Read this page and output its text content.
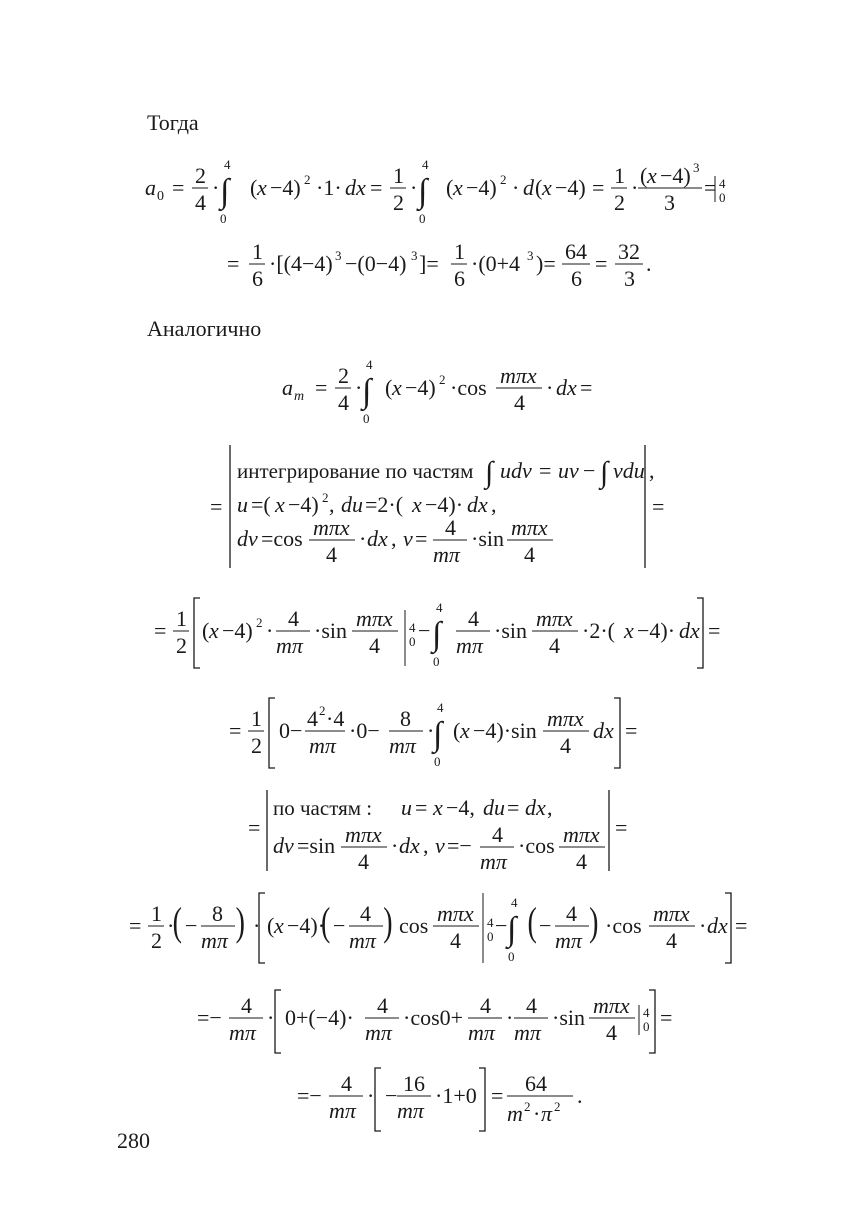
Тогда
Аналогично
a 0 = 2
4
· ∫
4
0
( x −4) 2 ·1· dx = 1
2
· ∫
4
0
( x −4) 2 · d ( x −4) = 1
2
· ( x −4) 3
3
4
0
=
= 1
6
·[(4−4) 3 −(0−4) 3 ]= 1
6
·(0+4 3 )= 64
6
= 32
3
.
a m = 2
4
· ∫
4
0
( x −4) 2 ·cos mπx
4
· dx =
=
интегрирование по частям ∫ udv = uv − ∫ vdu ,
u =( x −4) 2 , du =2·( x −4)· dx ,
dv =cos mπx
4
· dx , v = 4
mπ
·sin mπx
4
=
= 1
2
( x −4) 2 · 4
mπ
·sin mπx
4
4
0 − ∫
4
0
4
mπ
·sin mπx
4
·2·( x −4)· dx =
= 1
2
0− 4 2 ·4
mπ
·0− 8
mπ
·
∫
4
0
( x −4)·sin mπx
4
dx =
=
по частям : u = x −4, du = dx ,
dv =sin mπx
4
· dx , v =− 4
mπ
·cos mπx
4
=
= 1
2
·
( − 8
mπ ) · ( x −4)·
( − 4
mπ ) cos mπx
4
4
0 − ∫
4
0
( − 4
mπ ) ·cos mπx
4
· dx =
=− 4
mπ
· 0+(−4)· 4
mπ
·cos0+ 4
mπ
· 4
mπ
·sin mπx
4
4
0 =
=− 4
mπ
· − 16
mπ
·1+0 = 64
m 2 · π 2 .
280
